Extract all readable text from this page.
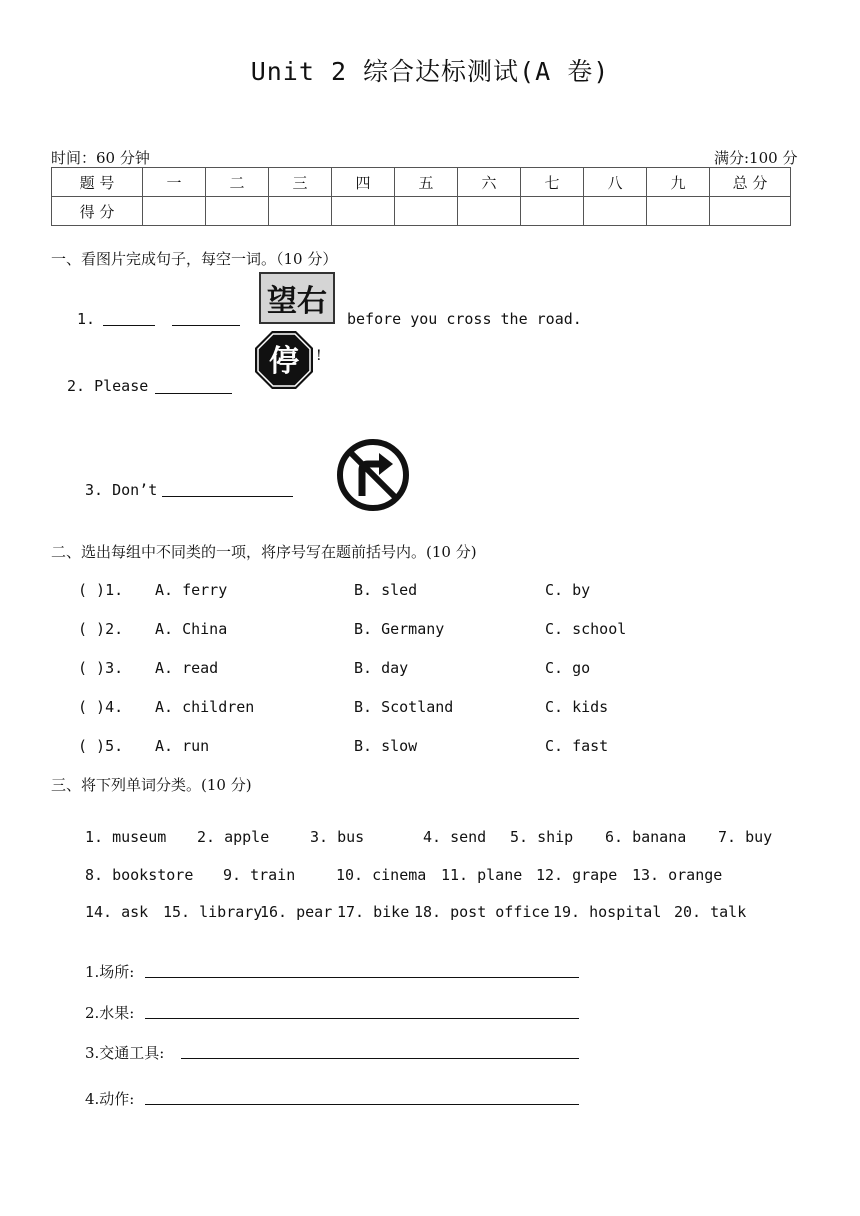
Unit 2 综合达标测试(A 卷)
时间：60 分钟	满分:100 分
题 号	一	二	三	四	五	六	七	八	九	总 分
得 分										
一、看图片完成句子，每空一词。（10 分）
1.	望右 before you cross the road.
2. Please
停 !
3. Don’t
二、选出每组中不同类的一项，将序号写在题前括号内。(10 分)
( )1. A. ferry	B. sled	C. by
( )2. A. China	B. Germany	C. school
( )3. A. read	B. day	C. go
( )4. A. children	B. Scotland	C. kids
( )5. A. run	B. slow	C. fast
三、将下列单词分类。(10 分)
1. museum 2. apple	3. bus	4. send 5. ship 6. banana 7. buy
8. bookstore 9. train	10. cinema 11. plane 12. grape 13. orange
14. ask 15. library
16. pear 17. bike 18. post office 19. hospital 20. talk
1.场所:
2.水果:
3.交通工具:
4.动作:
